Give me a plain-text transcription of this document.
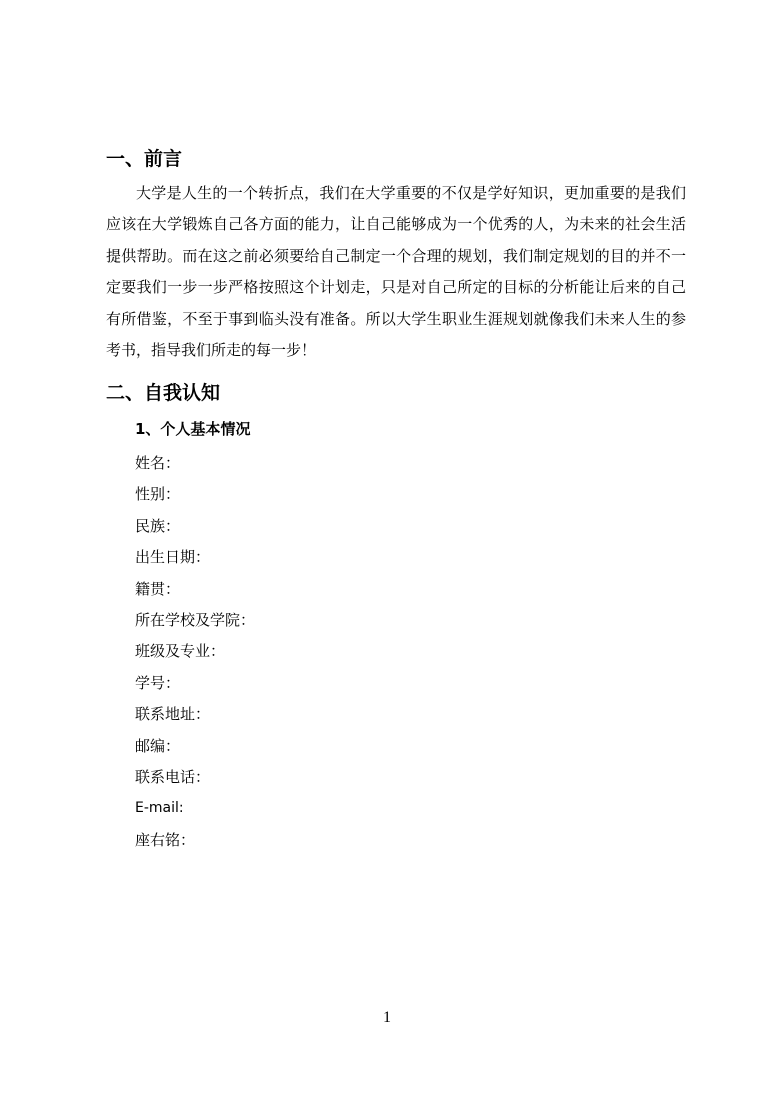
一、前言

大学是人生的一个转折点，我们在大学重要的不仅是学好知识，更加重要的是我们应该在大学锻炼自己各方面的能力，让自己能够成为一个优秀的人，为未来的社会生活提供帮助。而在这之前必须要给自己制定一个合理的规划，我们制定规划的目的并不一定要我们一步一步严格按照这个计划走，只是对自己所定的目标的分析能让后来的自己有所借鉴，不至于事到临头没有准备。所以大学生职业生涯规划就像我们未来人生的参考书，指导我们所走的每一步！

二、自我认知
1、个人基本情况
姓名：
性别：
民族：
出生日期：
籍贯：
所在学校及学院：
班级及专业：
学号：
联系地址：
邮编：
联系电话：
E-mail:
座右铭：
1
